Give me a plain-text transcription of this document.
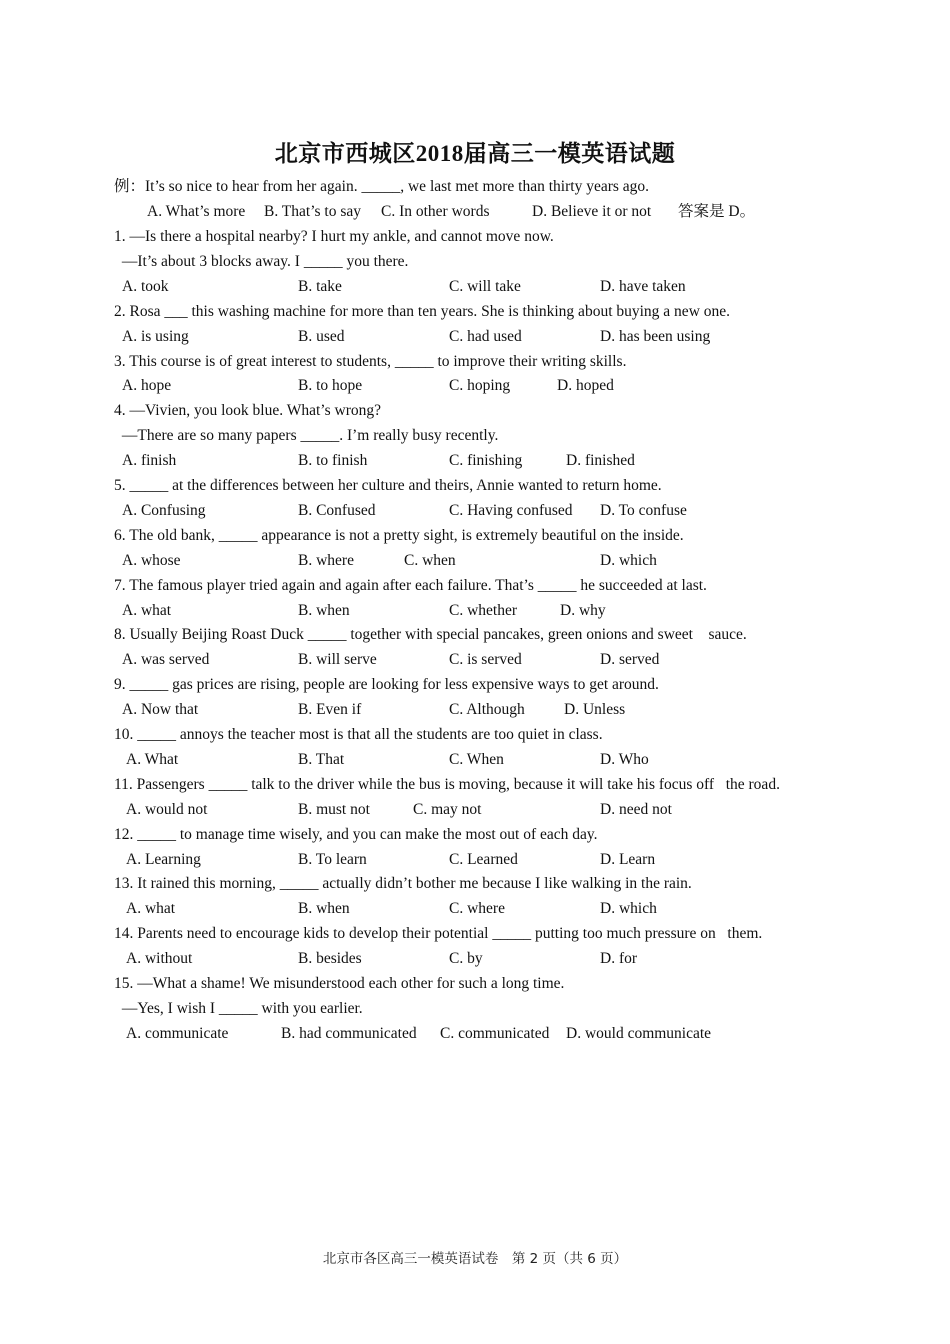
北京市西城区2018届高三一模英语试题

例：It’s so nice to hear from her again. _____, we last met more than thirty years ago.

A. What’s more

B. That’s to say

C. In other words

	D. Believe it or not

答案是 D。

1. —Is there a hospital nearby? I hurt my ankle, and cannot move now.
—It’s about 3 blocks away. I _____ you there.
A. took	B. take	C. will take	D. have taken
2. Rosa ___ this washing machine for more than ten years. She is thinking about buying a new one.
A. is using	B. used	C. had used	D. has been using
3. This course is of great interest to students, _____ to improve their writing skills.
A. hope	B. to hope	C. hoping	D. hoped
4. —Vivien, you look blue. What’s wrong?
—There are so many papers _____. I’m really busy recently.
A. finish	B. to finish	C. finishing	D. finished
5. _____ at the differences between her culture and theirs, Annie wanted to return home.
A. Confusing	B. Confused	C. Having confused D. To confuse
6. The old bank, _____ appearance is not a pretty sight, is extremely beautiful on the inside.
A. whose	B. where	C. when	D. which
7. The famous player tried again and again after each failure. That’s _____ he succeeded at last.
A. what	B. when	C. whether	D. why
8. Usually Beijing Roast Duck _____ together with special pancakes, green onions and sweet    sauce.
A. was served	B. will serve	C. is served	D. served
9. _____ gas prices are rising, people are looking for less expensive ways to get around.
A. Now that	B. Even if	C. Although	D. Unless
10. _____ annoys the teacher most is that all the students are too quiet in class.
A. What	B. That	C. When	D. Who
11. Passengers _____ talk to the driver while the bus is moving, because it will take his focus off   the road.
A. would not	B. must not	C. may not	D. need not
12. _____ to manage time wisely, and you can make the most out of each day.
A. Learning	B. To learn	C. Learned	D. Learn
13. It rained this morning, _____ actually didn’t bother me because I like walking in the rain.
A. what	B. when	C. where	D. which
14. Parents need to encourage kids to develop their potential _____ putting too much pressure on   them.
A. without	B. besides	C. by	D. for
15. —What a shame! We misunderstood each other for such a long time.
—Yes, I wish I _____ with you earlier.
A. communicate	B. had communicated C. communicated D. would communicate
北京市各区高三一模英语试卷　第 2 页（共 6 页）
